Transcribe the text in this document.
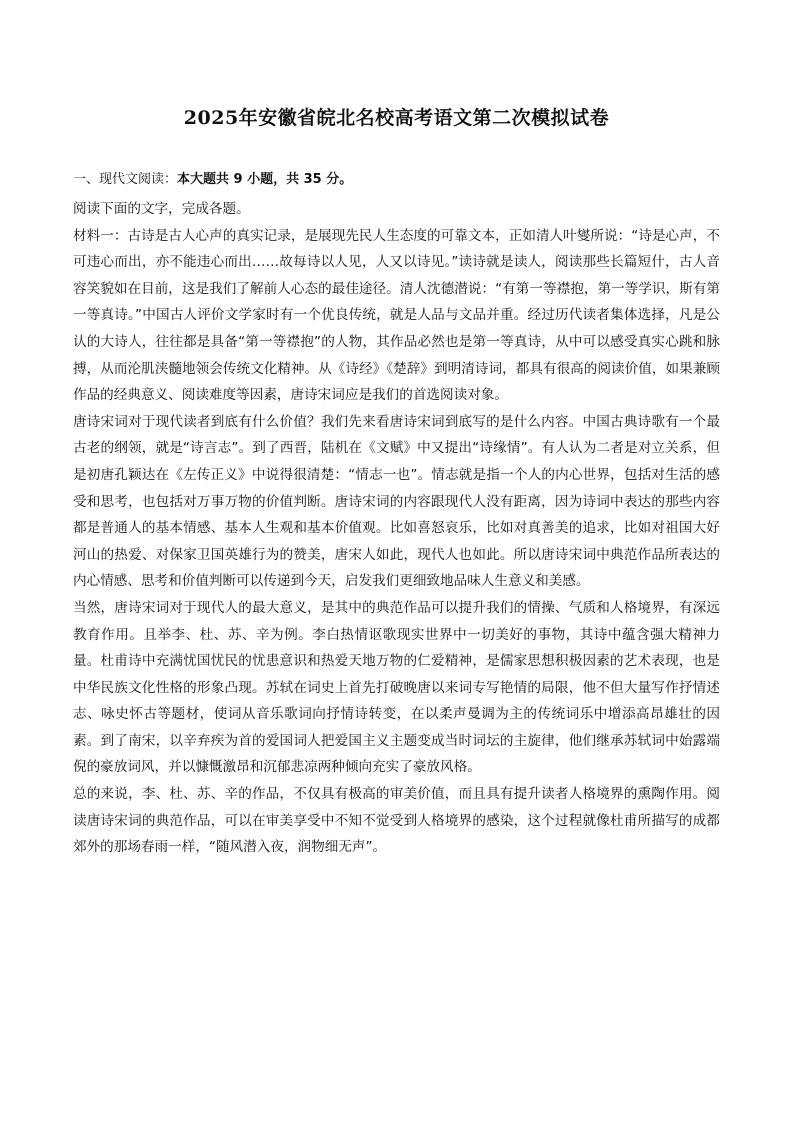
2025年安徽省皖北名校高考语文第二次模拟试卷
一、现代文阅读：本大题共 9 小题，共 35 分。

阅读下面的文字，完成各题。

材料一：古诗是古人心声的真实记录，是展现先民人生态度的可靠文本，正如清人叶燮所说：“诗是心声，不可违心而出，亦不能违心而出……故每诗以人见，人又以诗见。”读诗就是读人，阅读那些长篇短什，古人音容笑貌如在目前，这是我们了解前人心态的最佳途径。清人沈德潜说：“有第一等襟抱，第一等学识，斯有第一等真诗。”中国古人评价文学家时有一个优良传统，就是人品与文品并重。经过历代读者集体选择，凡是公认的大诗人，往往都是具备“第一等襟抱”的人物，其作品必然也是第一等真诗，从中可以感受真实心跳和脉搏，从而沦肌浃髓地领会传统文化精神。从《诗经》《楚辞》到明清诗词，都具有很高的阅读价值，如果兼顾作品的经典意义、阅读难度等因素，唐诗宋词应是我们的首选阅读对象。

唐诗宋词对于现代读者到底有什么价值？我们先来看唐诗宋词到底写的是什么内容。中国古典诗歌有一个最古老的纲领，就是“诗言志”。到了西晋，陆机在《文赋》中又提出“诗缘情”。有人认为二者是对立关系，但是初唐孔颖达在《左传正义》中说得很清楚：“情志一也”。情志就是指一个人的内心世界，包括对生活的感受和思考，也包括对万事万物的价值判断。唐诗宋词的内容跟现代人没有距离，因为诗词中表达的那些内容都是普通人的基本情感、基本人生观和基本价值观。比如喜怒哀乐，比如对真善美的追求，比如对祖国大好河山的热爱、对保家卫国英雄行为的赞美，唐宋人如此，现代人也如此。所以唐诗宋词中典范作品所表达的内心情感、思考和价值判断可以传递到今天，启发我们更细致地品味人生意义和美感。

当然，唐诗宋词对于现代人的最大意义，是其中的典范作品可以提升我们的情操、气质和人格境界，有深远教育作用。且举李、杜、苏、辛为例。李白热情讴歌现实世界中一切美好的事物，其诗中蕴含强大精神力量。杜甫诗中充满忧国忧民的忧患意识和热爱天地万物的仁爱精神，是儒家思想积极因素的艺术表现，也是中华民族文化性格的形象凸现。苏轼在词史上首先打破晚唐以来词专写艳情的局限，他不但大量写作抒情述志、咏史怀古等题材，使词从音乐歌词向抒情诗转变，在以柔声曼调为主的传统词乐中增添高昂雄壮的因素。到了南宋，以辛弃疾为首的爱国词人把爱国主义主题变成当时词坛的主旋律，他们继承苏轼词中始露端倪的豪放词风，并以慷慨激昂和沉郁悲凉两种倾向充实了豪放风格。

总的来说，李、杜、苏、辛的作品，不仅具有极高的审美价值，而且具有提升读者人格境界的熏陶作用。阅读唐诗宋词的典范作品，可以在审美享受中不知不觉受到人格境界的感染，这个过程就像杜甫所描写的成都郊外的那场春雨一样，“随风潜入夜，润物细无声”。
